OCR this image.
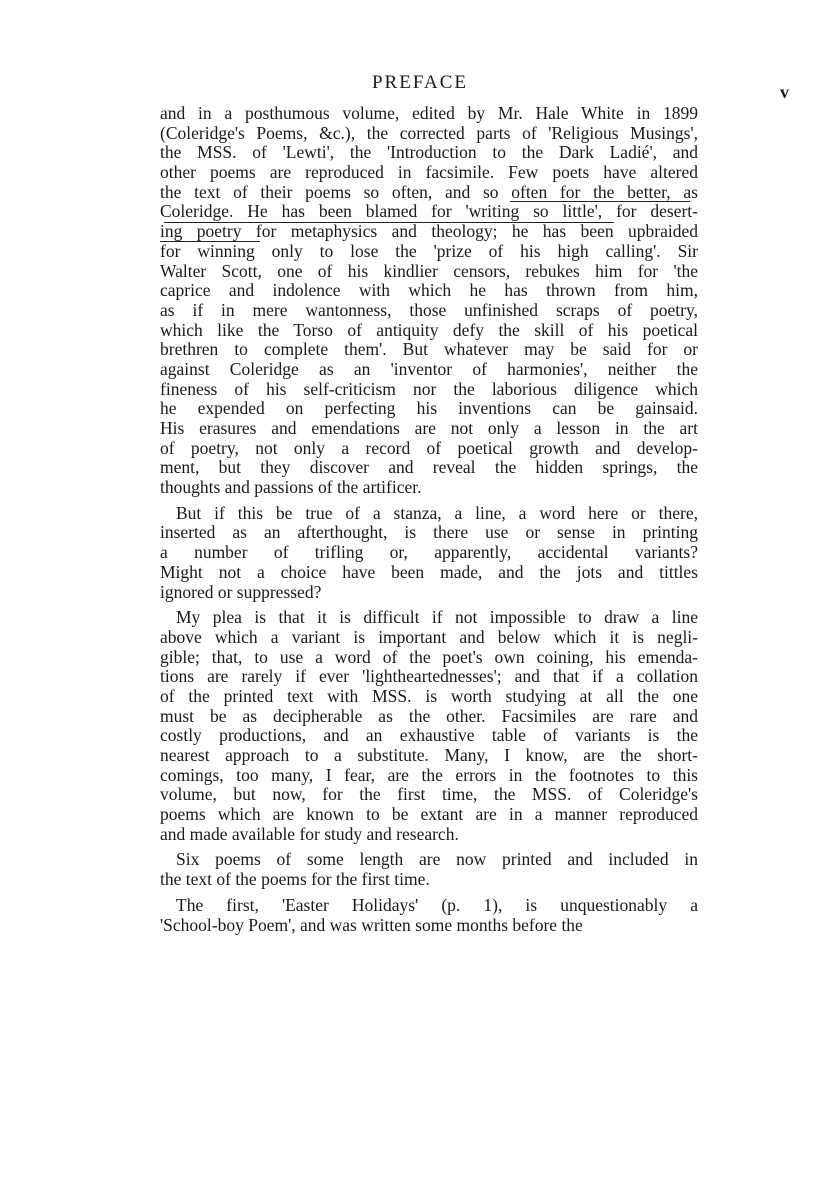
PREFACE	v
and in a posthumous volume, edited by Mr. Hale White in 1899
(Coleridge's Poems, &c.), the corrected parts of 'Religious Musings',
the MSS. of 'Lewti', the 'Introduction to the Dark Ladié', and
other poems are reproduced in facsimile. Few poets have altered
the text of their poems so often, and so often for the better, as
Coleridge. He has been blamed for 'writing so little', for desert-
ing poetry for metaphysics and theology; he has been upbraided
for winning only to lose the 'prize of his high calling'. Sir
Walter Scott, one of his kindlier censors, rebukes him for 'the
caprice and indolence with which he has thrown from him,
as if in mere wantonness, those unfinished scraps of poetry,
which like the Torso of antiquity defy the skill of his poetical
brethren to complete them'. But whatever may be said for or
against Coleridge as an 'inventor of harmonies', neither the
fineness of his self-criticism nor the laborious diligence which
he expended on perfecting his inventions can be gainsaid.
His erasures and emendations are not only a lesson in the art
of poetry, not only a record of poetical growth and develop-
ment, but they discover and reveal the hidden springs, the
thoughts and passions of the artificer.
But if this be true of a stanza, a line, a word here or there,
inserted as an afterthought, is there use or sense in printing
a number of trifling or, apparently, accidental variants?
Might not a choice have been made, and the jots and tittles
ignored or suppressed?
My plea is that it is difficult if not impossible to draw a line
above which a variant is important and below which it is negli-
gible; that, to use a word of the poet's own coining, his emenda-
tions are rarely if ever 'lightheartednesses'; and that if a collation
of the printed text with MSS. is worth studying at all the one
must be as decipherable as the other. Facsimiles are rare and
costly productions, and an exhaustive table of variants is the
nearest approach to a substitute. Many, I know, are the short-
comings, too many, I fear, are the errors in the footnotes to this
volume, but now, for the first time, the MSS. of Coleridge's
poems which are known to be extant are in a manner reproduced
and made available for study and research.
Six poems of some length are now printed and included in
the text of the poems for the first time.
The first, 'Easter Holidays' (p. 1), is unquestionably a
'School-boy Poem', and was written some months before the
